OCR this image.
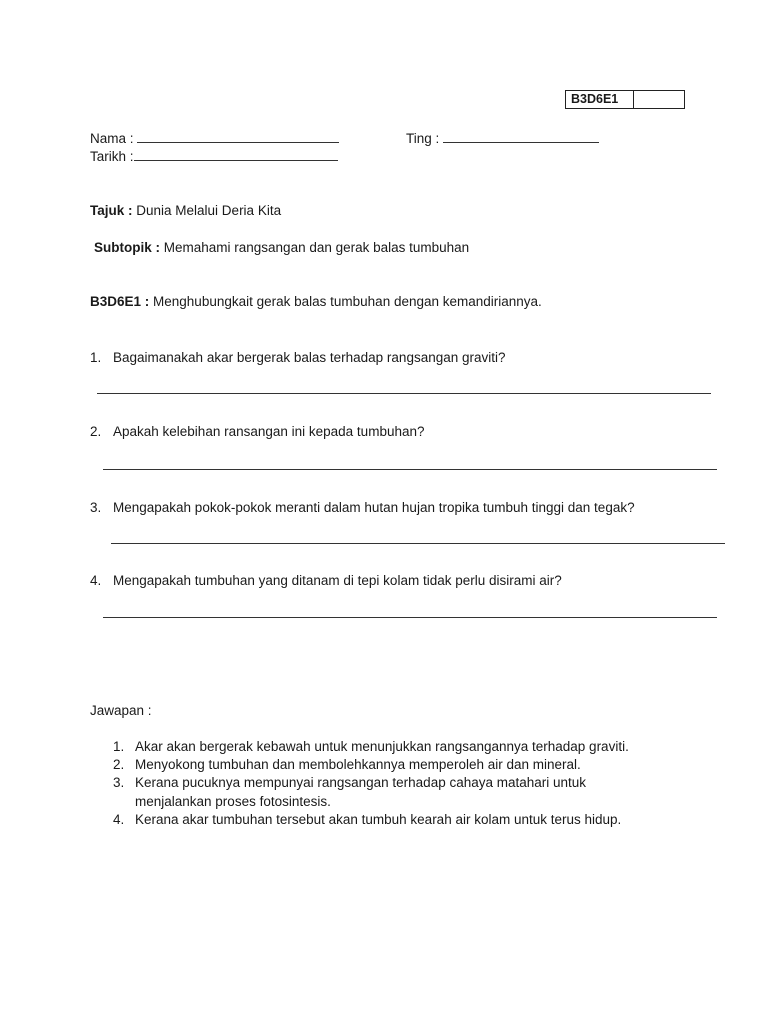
B3D6E1
Nama :	Ting :
Tarikh :
Tajuk : Dunia Melalui Deria Kita
Subtopik : Memahami rangsangan dan gerak balas tumbuhan
B3D6E1 : Menghubungkait gerak balas tumbuhan dengan kemandiriannya.
1. Bagaimanakah akar bergerak balas terhadap rangsangan graviti?
2. Apakah kelebihan ransangan ini kepada tumbuhan?
3. Mengapakah pokok-pokok meranti dalam hutan hujan tropika tumbuh tinggi dan tegak?
4. Mengapakah tumbuhan yang ditanam di tepi kolam tidak perlu disirami air?
Jawapan :
1. Akar akan bergerak kebawah untuk menunjukkan rangsangannya terhadap graviti.
2. Menyokong tumbuhan dan membolehkannya memperoleh air dan mineral.
3. Kerana pucuknya mempunyai rangsangan terhadap cahaya matahari untuk
menjalankan proses fotosintesis.
4. Kerana akar tumbuhan tersebut akan tumbuh kearah air kolam untuk terus hidup.
